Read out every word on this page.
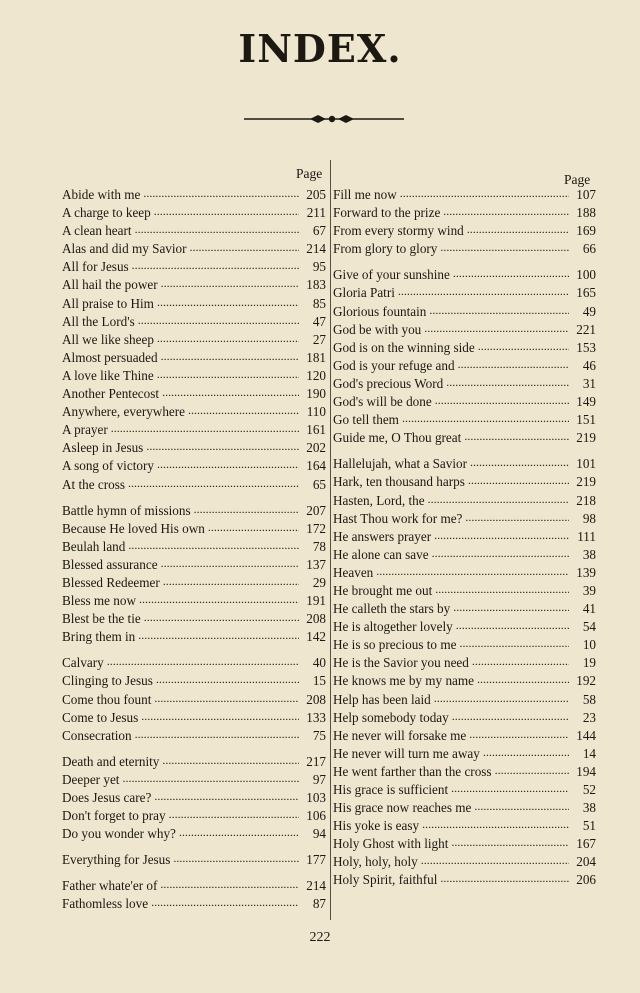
INDEX.
Page	Page
Abide with me . . .	205
A charge to keep . . .	211
A clean heart . . .	67
Alas and did my Savior . . .	214
All for Jesus . . .	95
All hail the power . . .	183
All praise to Him . . .	85
All the Lord's . . .	47
All we like sheep . . .	27
Almost persuaded . . .	181
A love like Thine . . .	120
Another Pentecost . . .	190
Anywhere, everywhere . . .	110
A prayer . . .	161
Asleep in Jesus . . .	202
A song of victory . . .	164
At the cross . . .	65
Battle hymn of missions . . .	207
Because He loved His own . . .	172
Beulah land . . .	78
Blessed assurance . . .	137
Blessed Redeemer . . .	29
Bless me now . . .	191
Blest be the tie . . .	208
Bring them in . . .	142
Calvary . . .	40
Clinging to Jesus . . .	15
Come thou fount . . .	208
Come to Jesus . . .	133
Consecration . . .	75
Death and eternity . . .	217
Deeper yet . . .	97
Does Jesus care? . . .	103
Don't forget to pray . . .	106
Do you wonder why? . . .	94
Everything for Jesus . . .	177
Father whate'er of . . .	214
Fathomless love . . .	87
Fill me now . . .	107
Forward to the prize . . .	188
From every stormy wind . . .	169
From glory to glory . . .	66
Give of your sunshine . . .	100
Gloria Patri . . .	165
Glorious fountain . . .	49
God be with you . . .	221
God is on the winning side . . .	153
God is your refuge and . . .	46
God's precious Word . . .	31
God's will be done . . .	149
Go tell them . . .	151
Guide me, O Thou great . . .	219
Hallelujah, what a Savior . . .	101
Hark, ten thousand harps . . .	219
Hasten, Lord, the . . .	218
Hast Thou work for me? . . .	98
He answers prayer . . .	111
He alone can save . . .	38
Heaven . . .	139
He brought me out . . .	39
He calleth the stars by . . .	41
He is altogether lovely . . .	54
He is so precious to me . . .	10
He is the Savior you need . . .	19
He knows me by my name . . .	192
Help has been laid . . .	58
Help somebody today . . .	23
He never will forsake me . . .	144
He never will turn me away . . .	14
He went farther than the cross . . .	194
His grace is sufficient . . .	52
His grace now reaches me . . .	38
His yoke is easy . . .	51
Holy Ghost with light . . .	167
Holy, holy, holy . . .	204
Holy Spirit, faithful . . .	206
222
